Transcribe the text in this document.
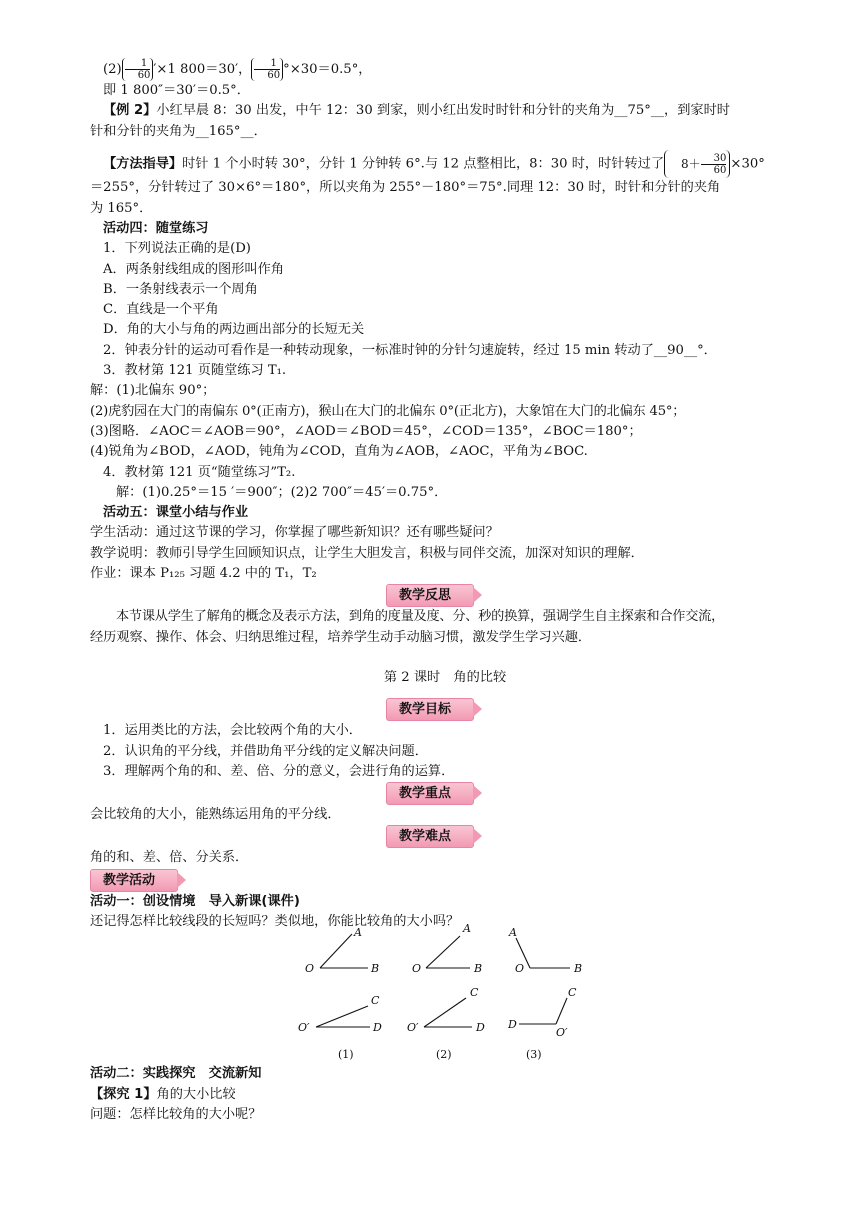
$(2) \frac{1}{60} '\times 1$ 800＝30′， $\frac{1}{60} ^\circ\times 30=0.5^\circ$，

即 1 800″＝30′＝0.5°．

【例 2】小红早晨 8：30 出发，中午 12：30 到家，则小红出发时时针和分针的夹角为__75°__，到家时时

针和分针的夹角为__165°__．

【方法指导】时针 1 个小时转 30°，分针 1 分钟转 6°.与 12 点整相比，8：30 时，时针转过了 $8+ \frac{30}{60} \times 30^\circ$

＝255°，分针转过了 30×6°＝180°，所以夹角为 255°－180°＝75°.同理 12：30 时，时针和分针的夹角

为 165°．

活动四：随堂练习

1．下列说法正确的是(D)

A．两条射线组成的图形叫作角

B．一条射线表示一个周角

C．直线是一个平角

D．角的大小与角的两边画出部分的长短无关

2．钟表分针的运动可看作是一种转动现象，一标准时钟的分针匀速旋转，经过 15 min 转动了__90__°．

3．教材第 121 页随堂练习 T₁.

解：(1)北偏东 90°；

(2)虎豹园在大门的南偏东 0°(正南方)，猴山在大门的北偏东 0°(正北方)，大象馆在大门的北偏东 45°；

(3)图略．∠AOC＝∠AOB＝90°，∠AOD＝∠BOD＝45°，∠COD＝135°，∠BOC＝180°；

(4)锐角为∠BOD，∠AOD，钝角为∠COD，直角为∠AOB，∠AOC，平角为∠BOC.

4．教材第 121 页“随堂练习”T₂.

解：(1)0.25°＝15 ′＝900″；(2)2 700″＝45′＝0.75°．

活动五：课堂小结与作业

学生活动：通过这节课的学习，你掌握了哪些新知识？还有哪些疑问？

教学说明：教师引导学生回顾知识点，让学生大胆发言，积极与同伴交流，加深对知识的理解．

作业：课本 P₁₂₅ 习题 4.2 中的 T₁，T₂

教学反思

本节课从学生了解角的概念及表示方法，到角的度量及度、分、秒的换算，强调学生自主探索和合作交流，

经历观察、操作、体会、归纳思维过程，培养学生动手动脑习惯，激发学生学习兴趣．

第 2 课时　角的比较

教学目标

1．运用类比的方法，会比较两个角的大小．

2．认识角的平分线，并借助角平分线的定义解决问题．

3．理解两个角的和、差、倍、分的意义，会进行角的运算．

教学重点

会比较角的大小，能熟练运用角的平分线．

教学难点

角的和、差、倍、分关系．

教学活动

活动一：创设情境　导入新课(课件)

还记得怎样比较线段的长短吗？类似地，你能比较角的大小吗？

O	B
A
O′	D
C
(1)
O	B
A
O′	D
C
(2)
O	B
A
O′
D
C
(3)

活动二：实践探究　交流新知

【探究 1】角的大小比较

问题：怎样比较角的大小呢？
